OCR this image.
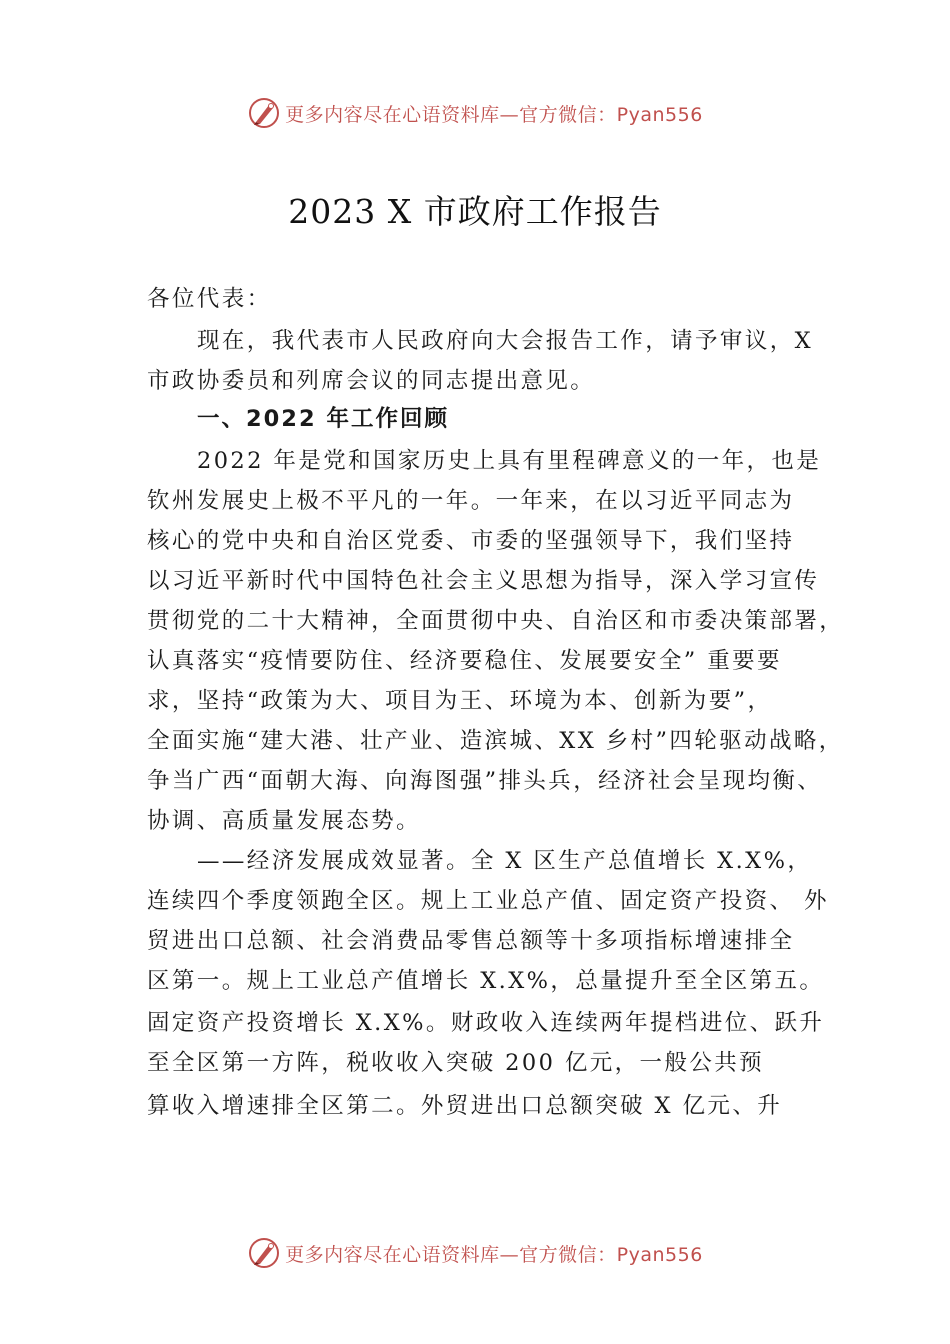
更多内容尽在心语资料库—官方微信：Pyan556
2023 X 市政府工作报告
各位代表：
现在，我代表市人民政府向大会报告工作，请予审议，X
市政协委员和列席会议的同志提出意见。
一、2022 年工作回顾
2022 年是党和国家历史上具有里程碑意义的一年，也是
钦州发展史上极不平凡的一年。一年来，在以习近平同志为
核心的党中央和自治区党委、市委的坚强领导下，我们坚持
以习近平新时代中国特色社会主义思想为指导，深入学习宣传
贯彻党的二十大精神，全面贯彻中央、自治区和市委决策部署，
认真落实“疫情要防住、经济要稳住、发展要安全” 重要要
求，坚持“政策为大、项目为王、环境为本、创新为要”，
全面实施“建大港、壮产业、造滨城、XX 乡村”四轮驱动战略，
争当广西“面朝大海、向海图强”排头兵，经济社会呈现均衡、
协调、高质量发展态势。
——经济发展成效显著。全 X 区生产总值增长 X.X%，
连续四个季度领跑全区。规上工业总产值、固定资产投资、 外
贸进出口总额、社会消费品零售总额等十多项指标增速排全
区第一。规上工业总产值增长 X.X%，总量提升至全区第五。
固定资产投资增长 X.X%。财政收入连续两年提档进位、跃升
至全区第一方阵，税收收入突破 200 亿元，一般公共预
算收入增速排全区第二。外贸进出口总额突破 X 亿元、升
更多内容尽在心语资料库—官方微信：Pyan556
